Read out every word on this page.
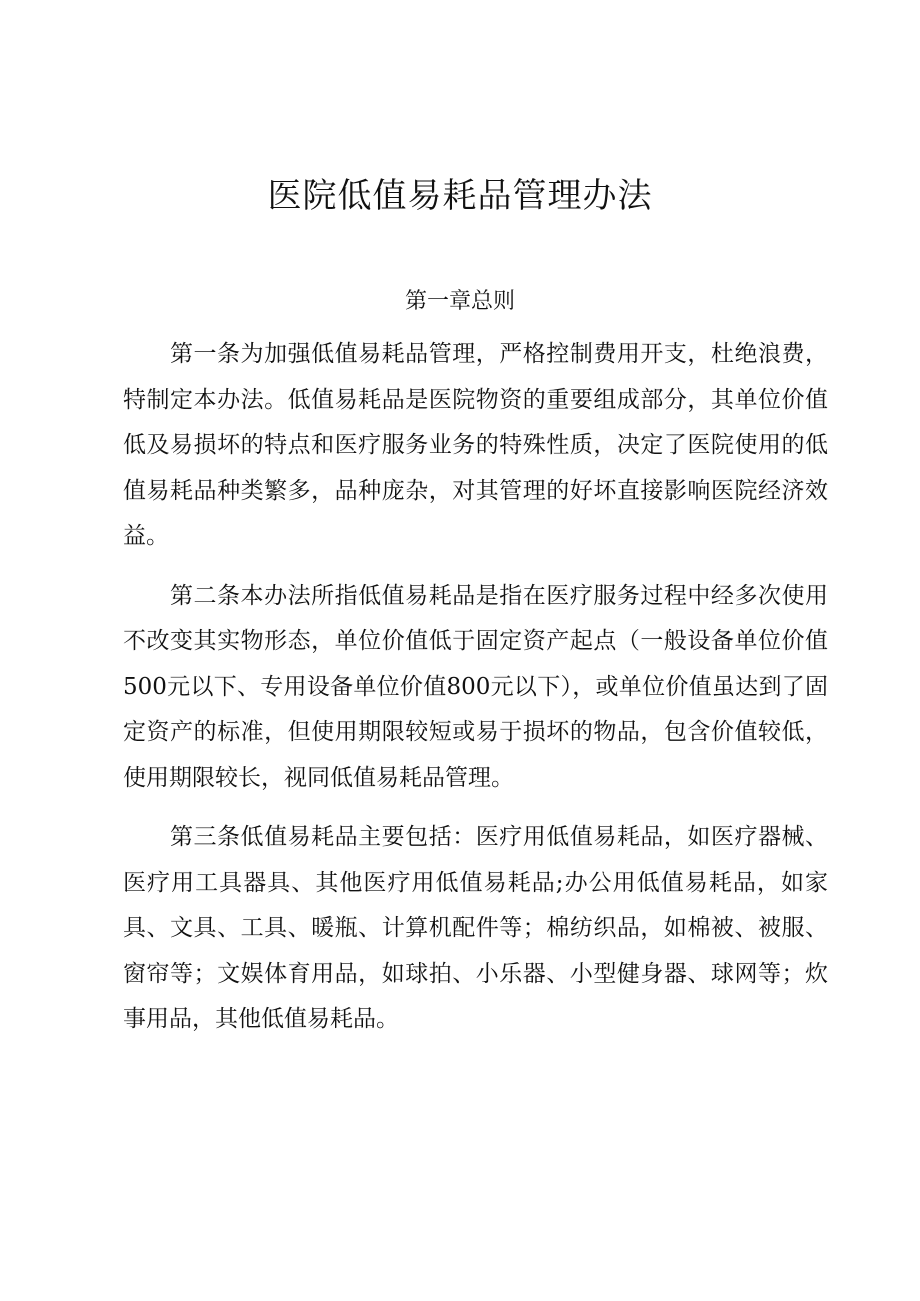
医院低值易耗品管理办法
第一章总则

第一条为加强低值易耗品管理，严格控制费用开支，杜绝浪费，特制定本办法。低值易耗品是医院物资的重要组成部分，其单位价值低及易损坏的特点和医疗服务业务的特殊性质，决定了医院使用的低值易耗品种类繁多，品种庞杂，对其管理的好坏直接影响医院经济效益。

第二条本办法所指低值易耗品是指在医疗服务过程中经多次使用不改变其实物形态，单位价值低于固定资产起点（一般设备单位价值500元以下、专用设备单位价值800元以下），或单位价值虽达到了固定资产的标准，但使用期限较短或易于损坏的物品，包含价值较低，使用期限较长，视同低值易耗品管理。

第三条低值易耗品主要包括：医疗用低值易耗品，如医疗器械、医疗用工具器具、其他医疗用低值易耗品;办公用低值易耗品，如家具、文具、工具、暖瓶、计算机配件等；棉纺织品，如棉被、被服、窗帘等；文娱体育用品，如球拍、小乐器、小型健身器、球网等；炊事用品，其他低值易耗品。
